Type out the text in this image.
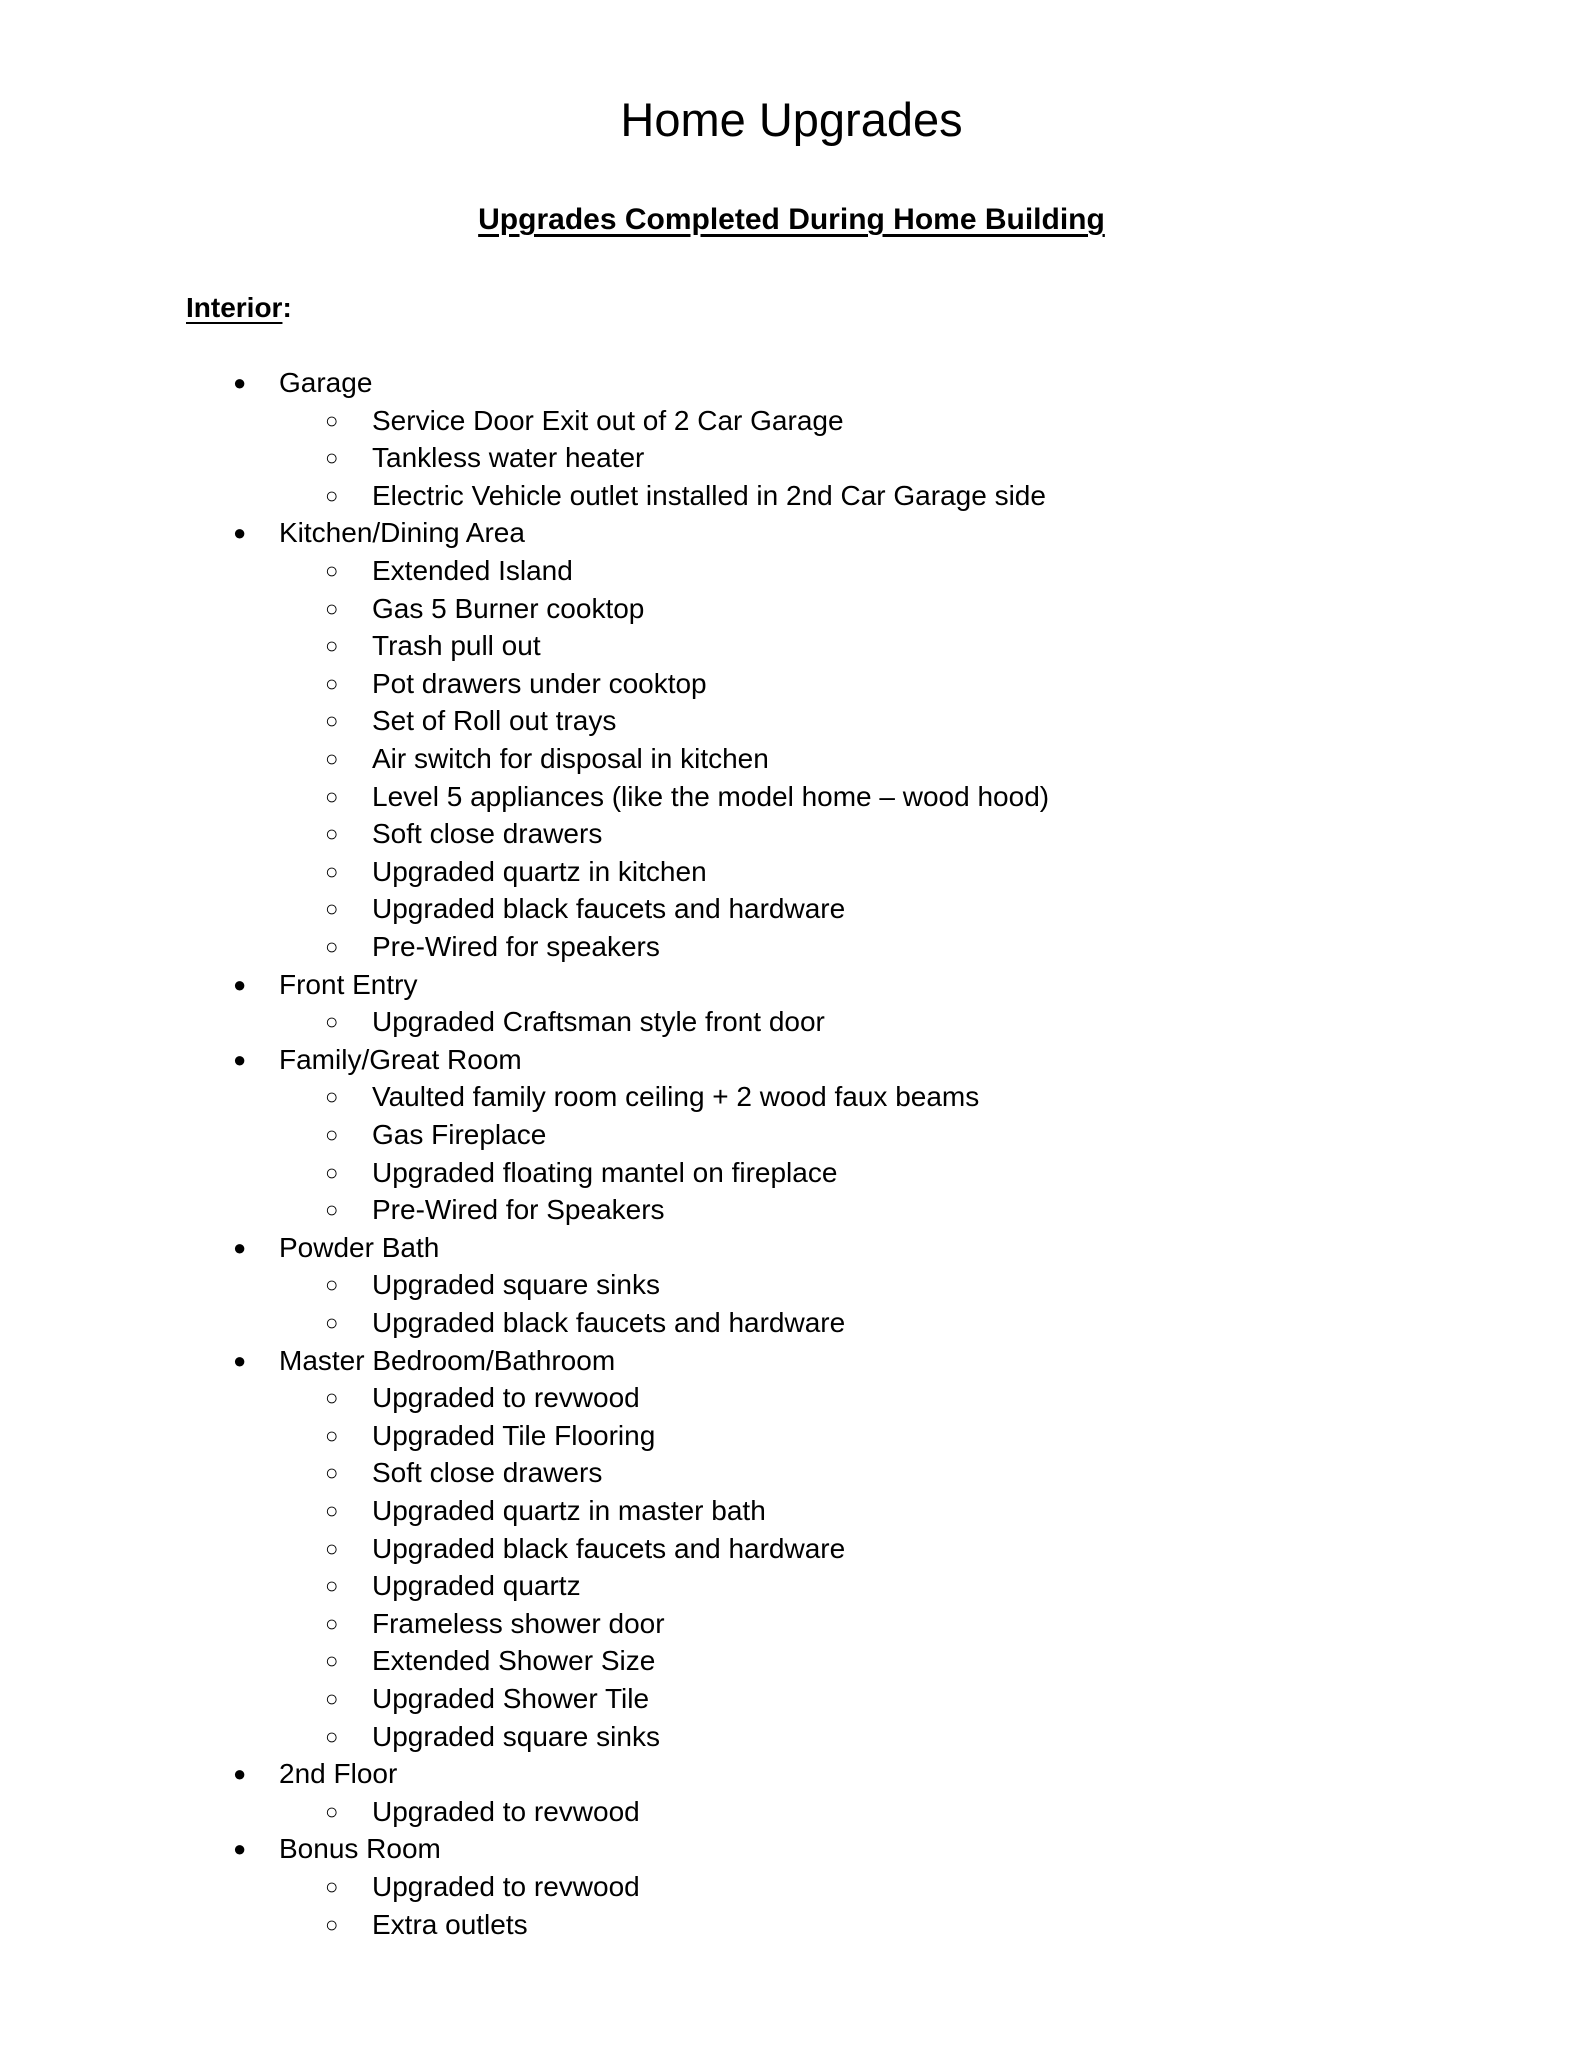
Home Upgrades
Upgrades Completed During Home Building
Interior:
● Garage
○ Service Door Exit out of 2 Car Garage
○ Tankless water heater
○ Electric Vehicle outlet installed in 2nd Car Garage side
● Kitchen/Dining Area
○ Extended Island
○ Gas 5 Burner cooktop
○ Trash pull out
○ Pot drawers under cooktop
○ Set of Roll out trays
○ Air switch for disposal in kitchen
○ Level 5 appliances (like the model home – wood hood)
○ Soft close drawers
○ Upgraded quartz in kitchen
○ Upgraded black faucets and hardware
○ Pre-Wired for speakers
● Front Entry
○ Upgraded Craftsman style front door
● Family/Great Room
○ Vaulted family room ceiling + 2 wood faux beams
○ Gas Fireplace
○ Upgraded floating mantel on fireplace
○ Pre-Wired for Speakers
● Powder Bath
○ Upgraded square sinks
○ Upgraded black faucets and hardware
● Master Bedroom/Bathroom
○ Upgraded to revwood
○ Upgraded Tile Flooring
○ Soft close drawers
○ Upgraded quartz in master bath
○ Upgraded black faucets and hardware
○ Upgraded quartz
○ Frameless shower door
○ Extended Shower Size
○ Upgraded Shower Tile
○ Upgraded square sinks
● 2nd Floor
○ Upgraded to revwood
● Bonus Room
○ Upgraded to revwood
○ Extra outlets
